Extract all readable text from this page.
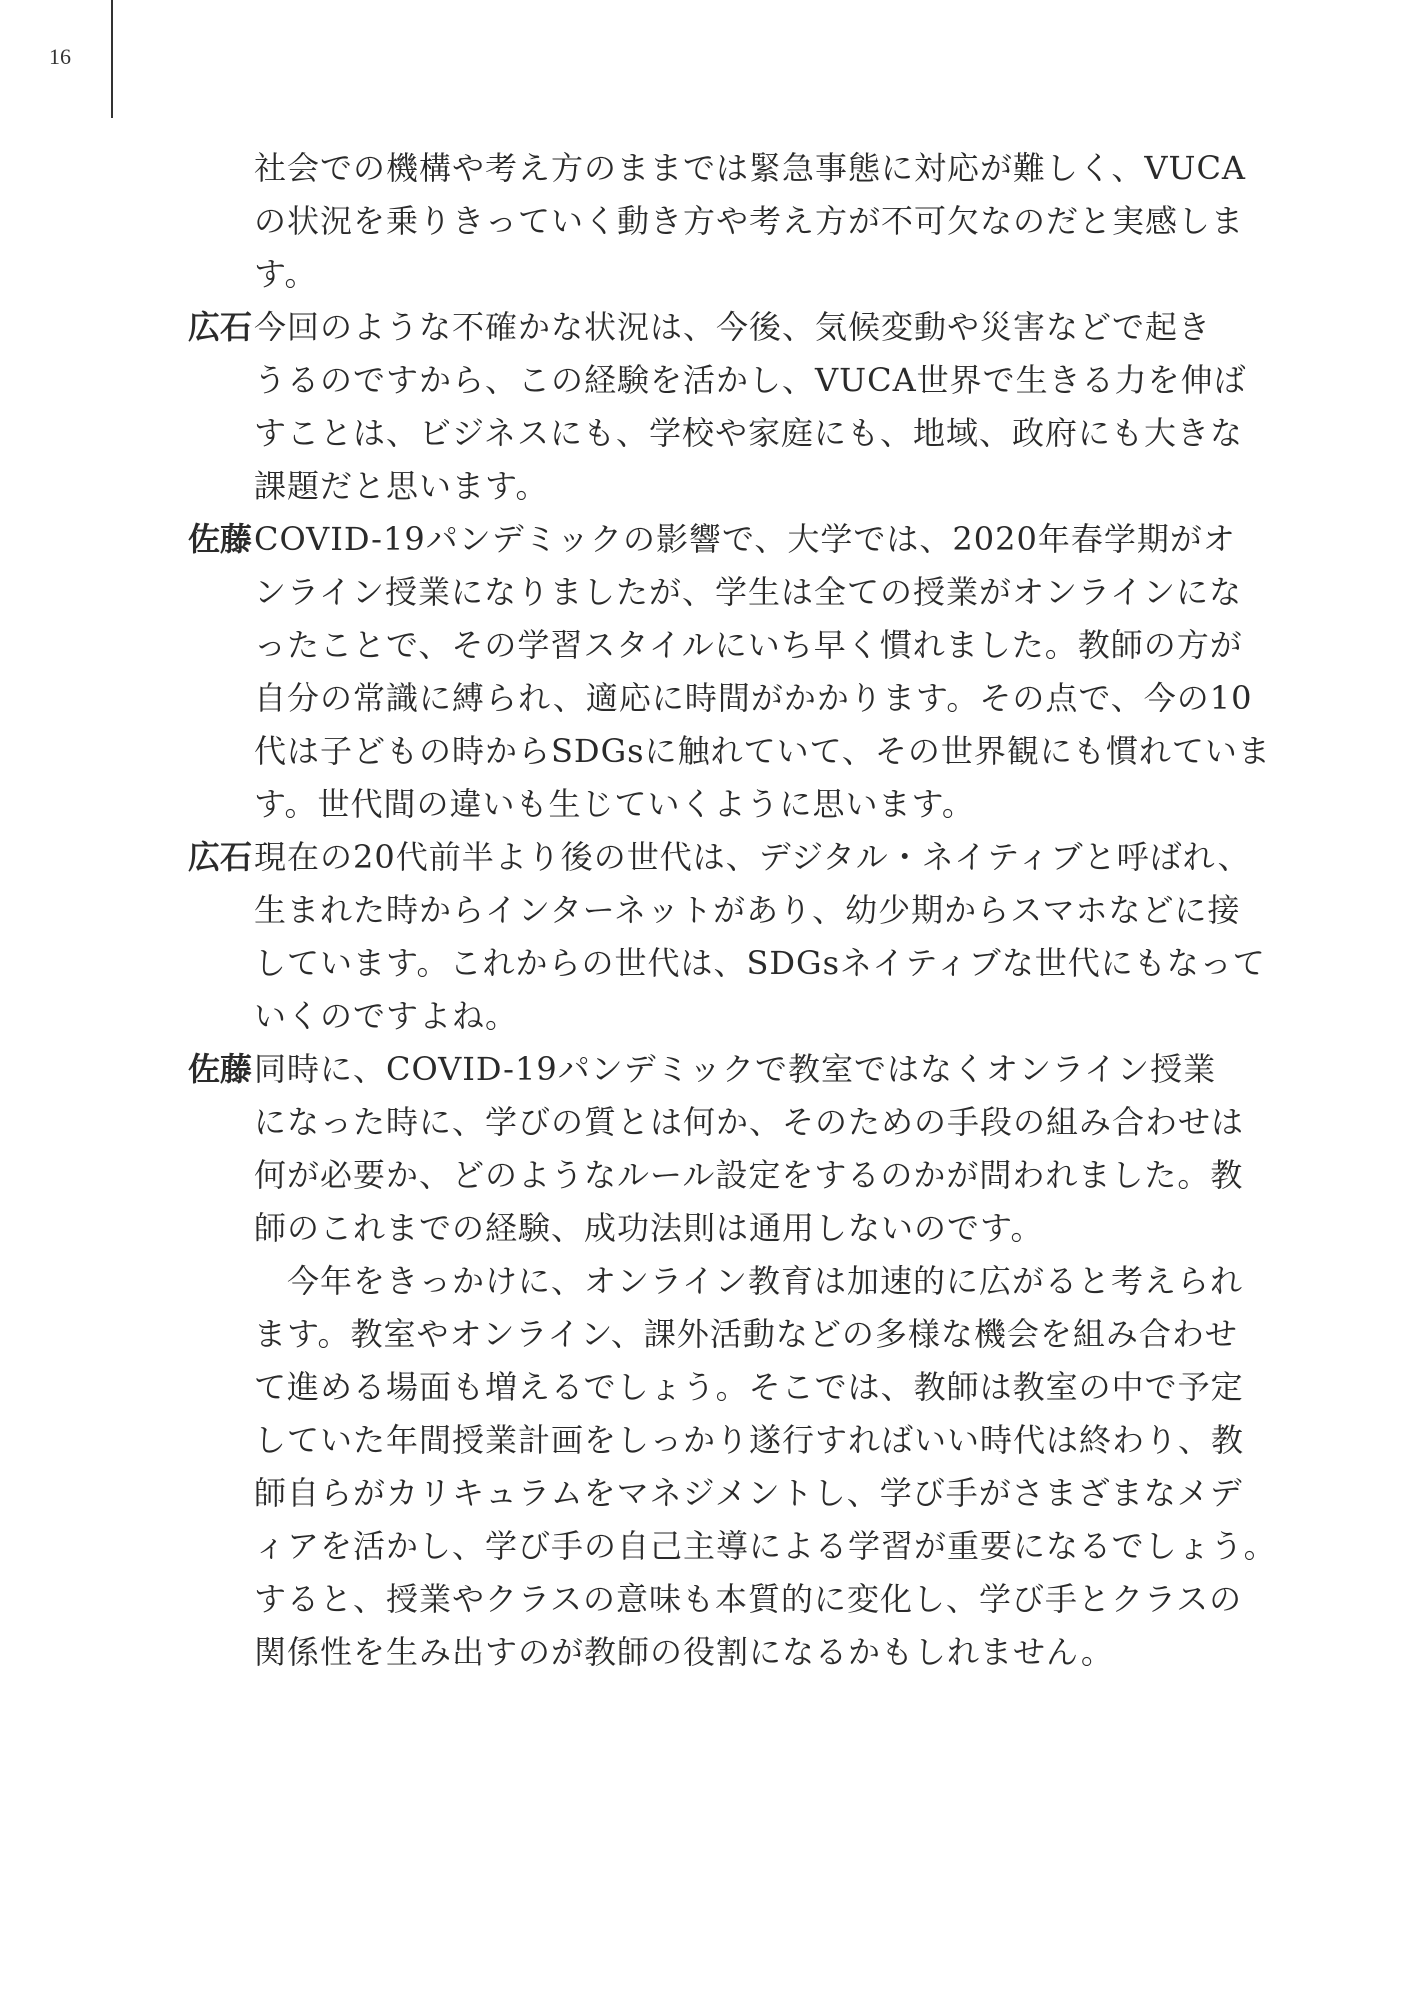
16
社会での機構や考え方のままでは緊急事態に対応が難しく、VUCA
の状況を乗りきっていく動き方や考え方が不可欠なのだと実感しま
す。
広石 今回のような不確かな状況は、今後、気候変動や災害などで起き
うるのですから、この経験を活かし、VUCA世界で生きる力を伸ば
すことは、ビジネスにも、学校や家庭にも、地域、政府にも大きな
課題だと思います。
佐藤 COVID-19パンデミックの影響で、大学では、2020年春学期がオ
ンライン授業になりましたが、学生は全ての授業がオンラインにな
ったことで、その学習スタイルにいち早く慣れました。教師の方が
自分の常識に縛られ、適応に時間がかかります。その点で、今の10
代は子どもの時からSDGsに触れていて、その世界観にも慣れていま
す。世代間の違いも生じていくように思います。
広石 現在の20代前半より後の世代は、デジタル・ネイティブと呼ばれ、
生まれた時からインターネットがあり、幼少期からスマホなどに接
しています。これからの世代は、SDGsネイティブな世代にもなって
いくのですよね。
佐藤 同時に、COVID-19パンデミックで教室ではなくオンライン授業
になった時に、学びの質とは何か、そのための手段の組み合わせは
何が必要か、どのようなルール設定をするのかが問われました。教
師のこれまでの経験、成功法則は通用しないのです。
　今年をきっかけに、オンライン教育は加速的に広がると考えられ
ます。教室やオンライン、課外活動などの多様な機会を組み合わせ
て進める場面も増えるでしょう。そこでは、教師は教室の中で予定
していた年間授業計画をしっかり遂行すればいい時代は終わり、教
師自らがカリキュラムをマネジメントし、学び手がさまざまなメデ
ィアを活かし、学び手の自己主導による学習が重要になるでしょう。
すると、授業やクラスの意味も本質的に変化し、学び手とクラスの
関係性を生み出すのが教師の役割になるかもしれません。
